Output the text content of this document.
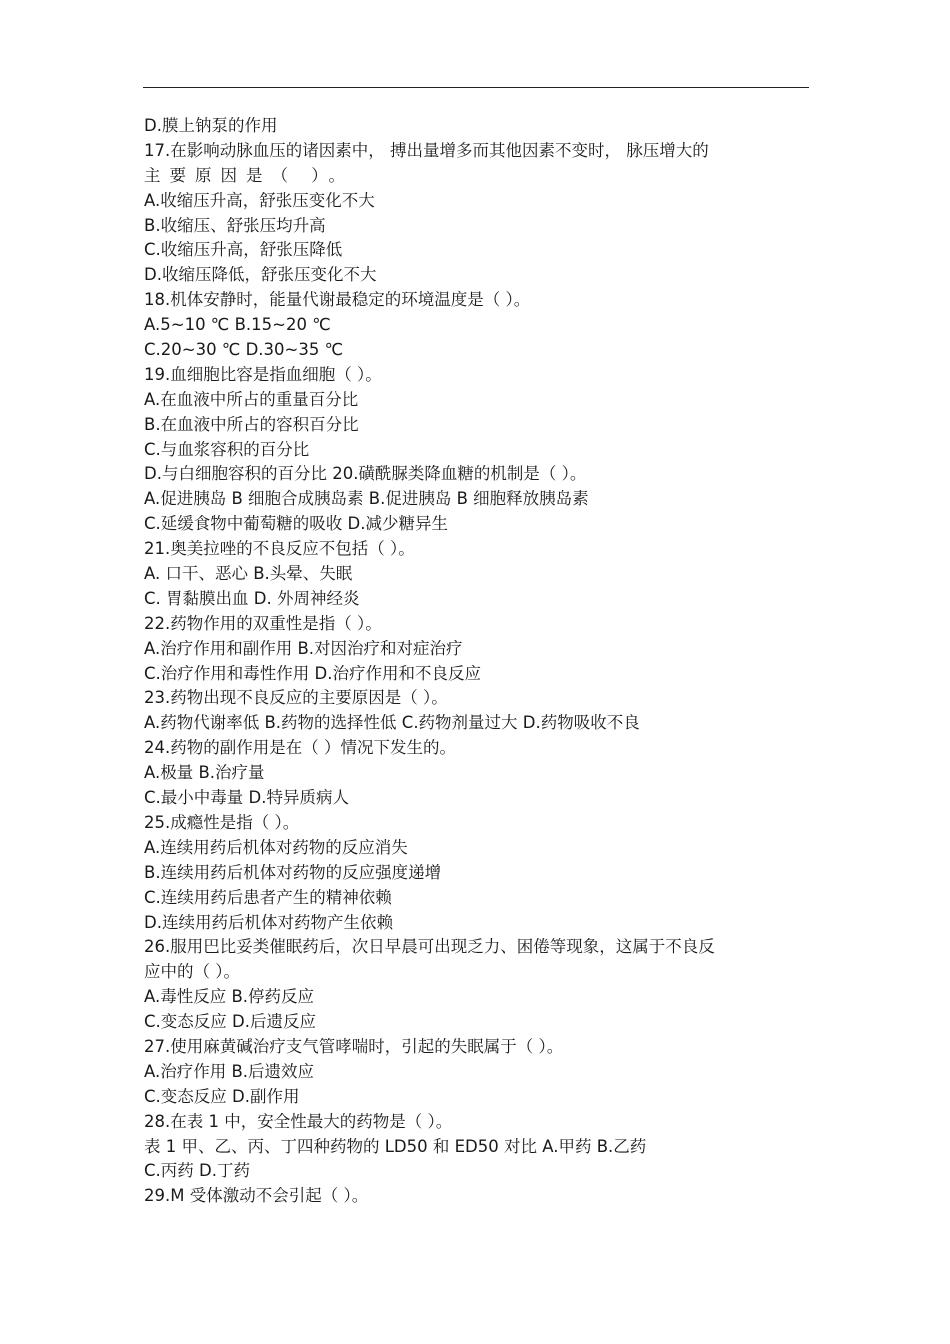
D.膜上钠泵的作用
17.在影响动脉血压的诸因素中， 搏出量增多而其他因素不变时， 脉压增大的
主要原因是（ ）。
A.收缩压升高，舒张压变化不大
B.收缩压、舒张压均升高
C.收缩压升高，舒张压降低
D.收缩压降低，舒张压变化不大
18.机体安静时，能量代谢最稳定的环境温度是（ ）。
A.5~10 ℃ B.15~20 ℃
C.20~30 ℃ D.30~35 ℃
19.血细胞比容是指血细胞（ ）。
A.在血液中所占的重量百分比
B.在血液中所占的容积百分比
C.与血浆容积的百分比
D.与白细胞容积的百分比 20.磺酰脲类降血糖的机制是（ ）。
A.促进胰岛 B 细胞合成胰岛素 B.促进胰岛 B 细胞释放胰岛素
C.延缓食物中葡萄糖的吸收 D.减少糖异生
21.奥美拉唑的不良反应不包括（ ）。
A. 口干、恶心 B.头晕、失眠
C. 胃黏膜出血 D. 外周神经炎
22.药物作用的双重性是指（ ）。
A.治疗作用和副作用 B.对因治疗和对症治疗
C.治疗作用和毒性作用 D.治疗作用和不良反应
23.药物出现不良反应的主要原因是（ ）。
A.药物代谢率低 B.药物的选择性低 C.药物剂量过大 D.药物吸收不良
24.药物的副作用是在（ ）情况下发生的。
A.极量 B.治疗量
C.最小中毒量 D.特异质病人
25.成瘾性是指（ ）。
A.连续用药后机体对药物的反应消失
B.连续用药后机体对药物的反应强度递增
C.连续用药后患者产生的精神依赖
D.连续用药后机体对药物产生依赖
26.服用巴比妥类催眠药后，次日早晨可出现乏力、困倦等现象，这属于不良反
应中的（ ）。
A.毒性反应 B.停药反应
C.变态反应 D.后遗反应
27.使用麻黄碱治疗支气管哮喘时，引起的失眠属于（ ）。
A.治疗作用 B.后遗效应
C.变态反应 D.副作用
28.在表 1 中，安全性最大的药物是（ ）。
表 1 甲、乙、丙、丁四种药物的 LD50 和 ED50 对比 A.甲药 B.乙药
C.丙药 D.丁药
29.M 受体激动不会引起（ ）。
